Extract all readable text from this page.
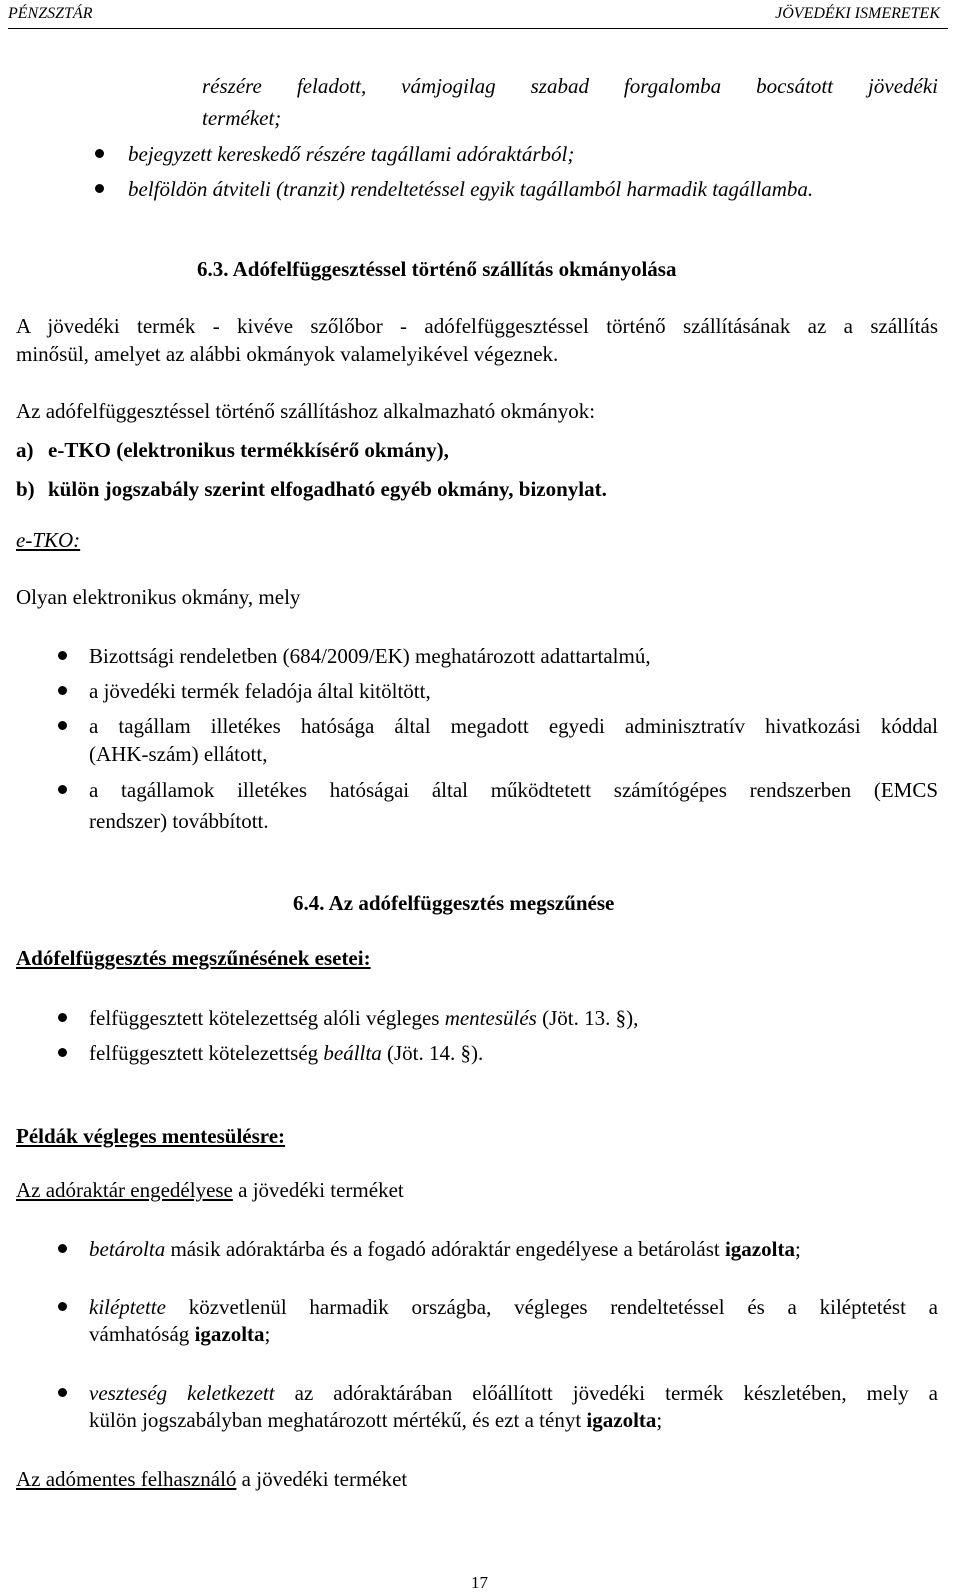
PÉNZSZTÁR	JÖVEDÉKI ISMERETEK
részére feladott, vámjogilag szabad forgalomba bocsátott jövedéki
terméket;
bejegyzett kereskedő részére tagállami adóraktárból;
belföldön átviteli (tranzit) rendeltetéssel egyik tagállamból harmadik tagállamba.
6.3. Adófelfüggesztéssel történő szállítás okmányolása
A jövedéki termék - kivéve szőlőbor - adófelfüggesztéssel történő szállításának az a szállítás
minősül, amelyet az alábbi okmányok valamelyikével végeznek.
Az adófelfüggesztéssel történő szállításhoz alkalmazható okmányok:
a) e-TKO (elektronikus termékkísérő okmány),
b) külön jogszabály szerint elfogadható egyéb okmány, bizonylat.
e-TKO:
Olyan elektronikus okmány, mely
Bizottsági rendeletben (684/2009/EK) meghatározott adattartalmú,
a jövedéki termék feladója által kitöltött,
a tagállam illetékes hatósága által megadott egyedi adminisztratív hivatkozási kóddal
(AHK-szám) ellátott,
a tagállamok illetékes hatóságai által működtetett számítógépes rendszerben (EMCS
rendszer) továbbított.
6.4. Az adófelfüggesztés megszűnése
Adófelfüggesztés megszűnésének esetei:
felfüggesztett kötelezettség alóli végleges mentesülés (Jöt. 13. §),
felfüggesztett kötelezettség beállta (Jöt. 14. §).
Példák végleges mentesülésre:
Az adóraktár engedélyese a jövedéki terméket
betárolta másik adóraktárba és a fogadó adóraktár engedélyese a betárolást igazolta;
kiléptette közvetlenül harmadik országba, végleges rendeltetéssel és a kiléptetést a
vámhatóság igazolta;
veszteség keletkezett az adóraktárában előállított jövedéki termék készletében, mely a
külön jogszabályban meghatározott mértékű, és ezt a tényt igazolta;
Az adómentes felhasználó a jövedéki terméket
17
